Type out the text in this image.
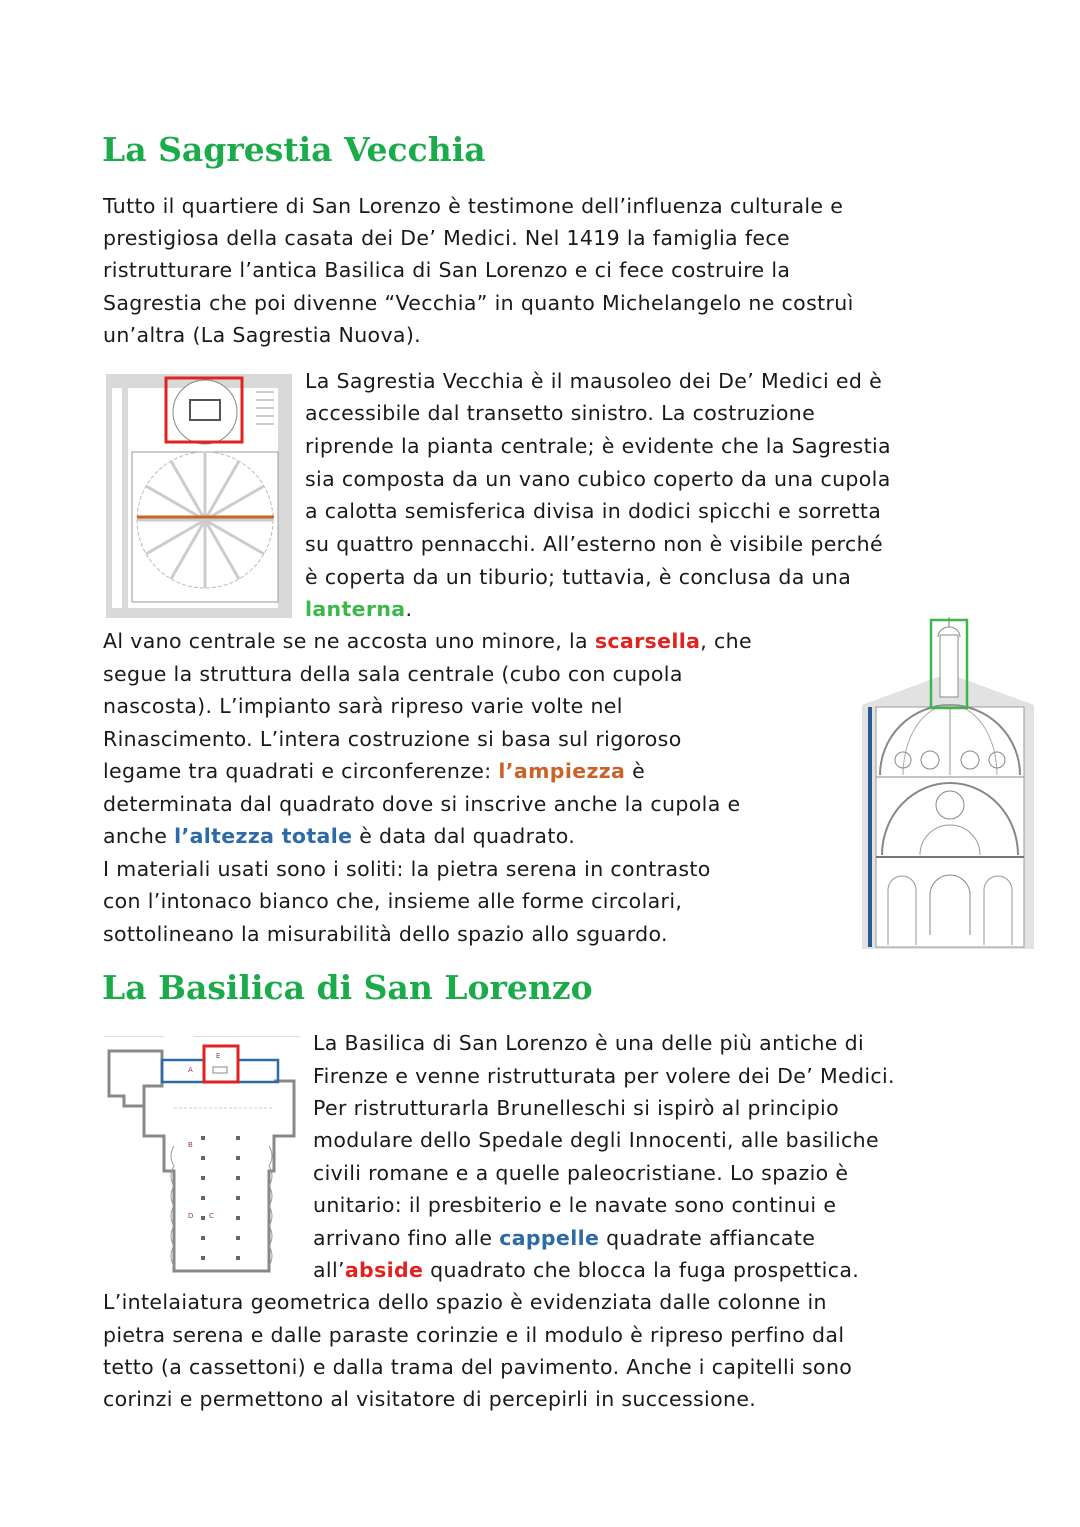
La Sagrestia Vecchia
Tutto il quartiere di San Lorenzo è testimone dell’influenza culturale e
prestigiosa della casata dei De’ Medici. Nel 1419 la famiglia fece
ristrutturare l’antica Basilica di San Lorenzo e ci fece costruire la
Sagrestia che poi divenne “Vecchia” in quanto Michelangelo ne costruì
un’altra (La Sagrestia Nuova).
La Sagrestia Vecchia è il mausoleo dei De’ Medici ed è
accessibile dal transetto sinistro. La costruzione
riprende la pianta centrale; è evidente che la Sagrestia
sia composta da un vano cubico coperto da una cupola
a calotta semisferica divisa in dodici spicchi e sorretta
su quattro pennacchi. All’esterno non è visibile perché
è coperta da un tiburio; tuttavia, è conclusa da una
lanterna.
Al vano centrale se ne accosta uno minore, la scarsella, che
segue la struttura della sala centrale (cubo con cupola
nascosta). L’impianto sarà ripreso varie volte nel
Rinascimento. L’intera costruzione si basa sul rigoroso
legame tra quadrati e circonferenze: l’ampiezza è
determinata dal quadrato dove si inscrive anche la cupola e
anche l’altezza totale è data dal quadrato.
I materiali usati sono i soliti: la pietra serena in contrasto
con l’intonaco bianco che, insieme alle forme circolari,
sottolineano la misurabilità dello spazio allo sguardo.
La Basilica di San Lorenzo
E
A
B
D C
La Basilica di San Lorenzo è una delle più antiche di
Firenze e venne ristrutturata per volere dei De’ Medici.
Per ristrutturarla Brunelleschi si ispirò al principio
modulare dello Spedale degli Innocenti, alle basiliche
civili romane e a quelle paleocristiane. Lo spazio è
unitario: il presbiterio e le navate sono continui e
arrivano fino alle cappelle quadrate affiancate
all’abside quadrato che blocca la fuga prospettica.
L’intelaiatura geometrica dello spazio è evidenziata dalle colonne in
pietra serena e dalle paraste corinzie e il modulo è ripreso perfino dal
tetto (a cassettoni) e dalla trama del pavimento. Anche i capitelli sono
corinzi e permettono al visitatore di percepirli in successione.
